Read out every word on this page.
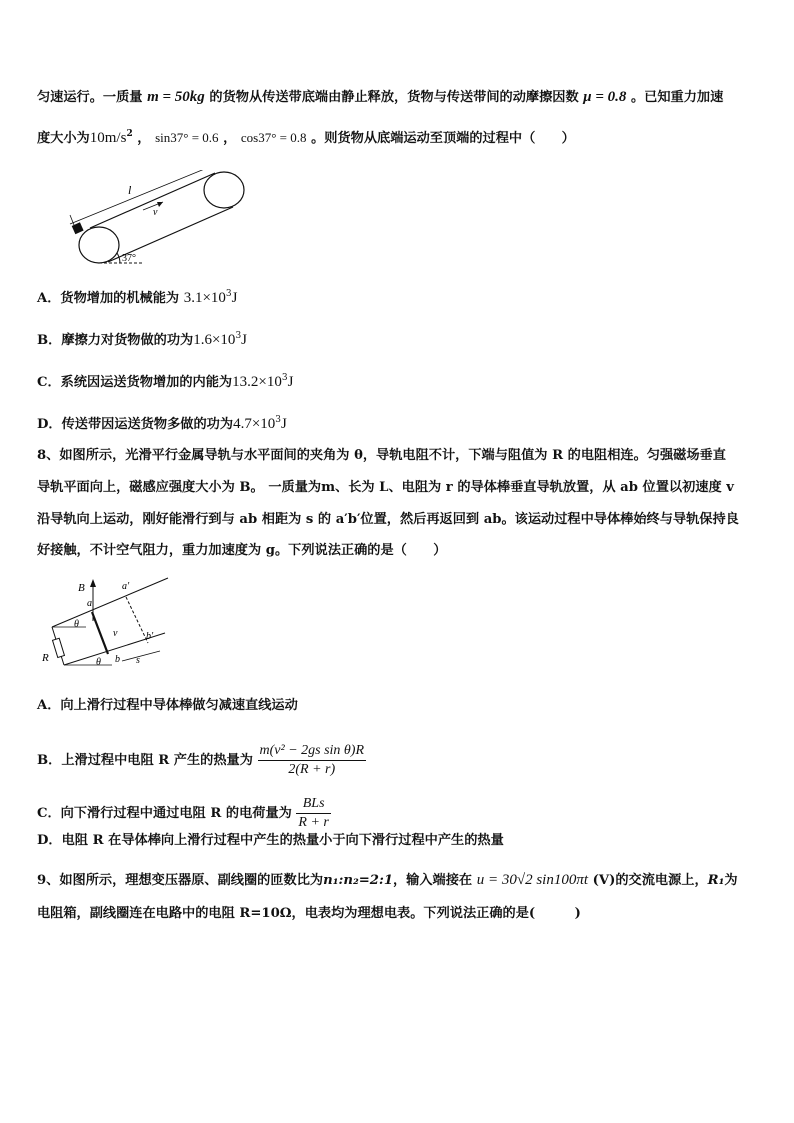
匀速运行。一质量 m = 50kg 的货物从传送带底端由静止释放，货物与传送带间的动摩擦因数 μ = 0.8 。已知重力加速
度大小为$10m/s^2$ ， sin37° = 0.6 ， cos37° = 0.8 。则货物从底端运动至顶端的过程中（　　）
37°
l
v
A．货物增加的机械能为 $3.1\times 10^3J$
B．摩擦力对货物做的功为$1.6\times 10^3J$
C．系统因运送货物增加的内能为$13.2\times 10^3J$
D．传送带因运送货物多做的功为$4.7\times 10^3J$
8、如图所示，光滑平行金属导轨与水平面间的夹角为 θ，导轨电阻不计，下端与阻值为 R 的电阻相连。匀强磁场垂直
导轨平面向上，磁感应强度大小为 B。 一质量为m、长为 L、电阻为 r 的导体棒垂直导轨放置，从 ab 位置以初速度 v
沿导轨向上运动，刚好能滑行到与 ab 相距为 s 的 a′b′位置，然后再返回到 ab。该运动过程中导体棒始终与导轨保持良
好接触，不计空气阻力，重力加速度为 g。下列说法正确的是（　　）
R
θ
θ
B
a
a′
b
b′
v
s
A．向上滑行过程中导体棒做匀减速直线运动
B．上滑过程中电阻 R 产生的热量为 $\frac{\text{m(v² − 2gs sin θ)R}}{2(R + r)}$
C．向下滑行过程中通过电阻 R 的电荷量为 $\frac{\text{BLs}}{R + r}$
D．电阻 R 在导体棒向上滑行过程中产生的热量小于向下滑行过程中产生的热量
9、如图所示，理想变压器原、副线圈的匝数比为n₁:n₂=2:1，输入端接在 u = 30√2 sin100πt (V)的交流电源上，R₁为
电阻箱，副线圈连在电路中的电阻 R=10Ω，电表均为理想电表。下列说法正确的是(　　　)
